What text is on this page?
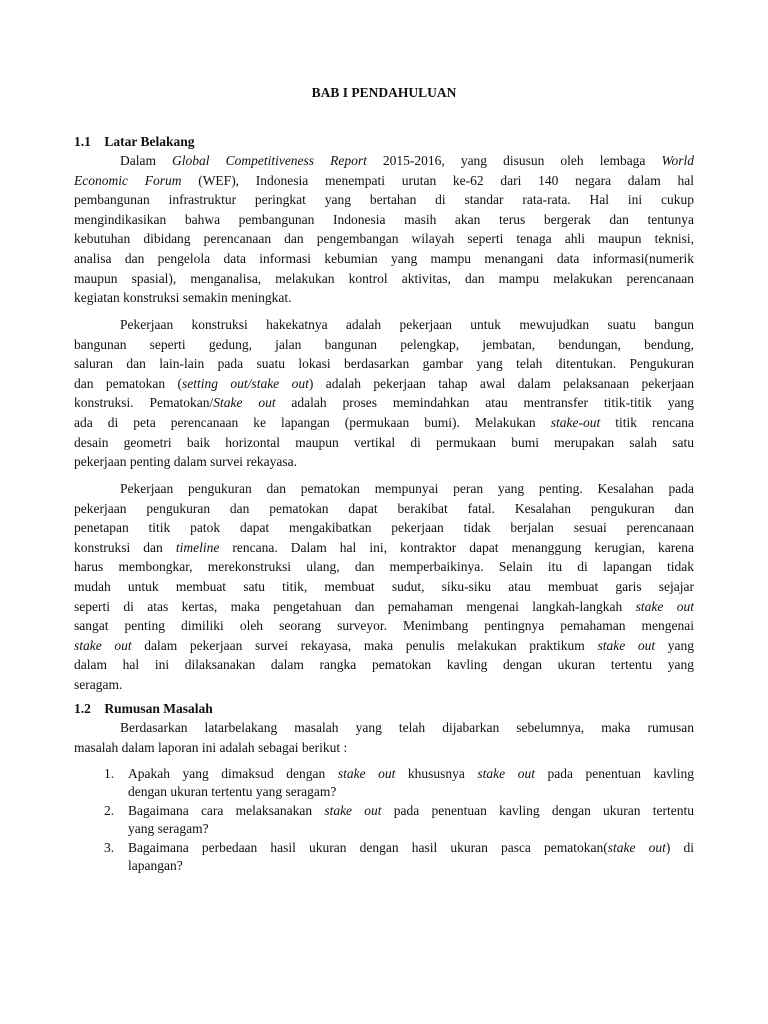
BAB I PENDAHULUAN
1.1 Latar Belakang
Dalam Global Competitiveness Report 2015-2016, yang disusun oleh lembaga World
Economic Forum (WEF), Indonesia menempati urutan ke-62 dari 140 negara dalam hal
pembangunan infrastruktur peringkat yang bertahan di standar rata-rata. Hal ini cukup
mengindikasikan bahwa pembangunan Indonesia masih akan terus bergerak dan tentunya
kebutuhan dibidang perencanaan dan pengembangan wilayah seperti tenaga ahli maupun teknisi,
analisa dan pengelola data informasi kebumian yang mampu menangani data informasi(numerik
maupun spasial), menganalisa, melakukan kontrol aktivitas, dan mampu melakukan perencanaan
kegiatan konstruksi semakin meningkat.
Pekerjaan konstruksi hakekatnya adalah pekerjaan untuk mewujudkan suatu bangun
bangunan seperti gedung, jalan bangunan pelengkap, jembatan, bendungan, bendung,
saluran dan lain-lain pada suatu lokasi berdasarkan gambar yang telah ditentukan. Pengukuran
dan pematokan (setting out/stake out) adalah pekerjaan tahap awal dalam pelaksanaan pekerjaan
konstruksi. Pematokan/Stake out adalah proses memindahkan atau mentransfer titik-titik yang
ada di peta perencanaan ke lapangan (permukaan bumi). Melakukan stake-out titik rencana
desain geometri baik horizontal maupun vertikal di permukaan bumi merupakan salah satu
pekerjaan penting dalam survei rekayasa.
Pekerjaan pengukuran dan pematokan mempunyai peran yang penting. Kesalahan pada
pekerjaan pengukuran dan pematokan dapat berakibat fatal. Kesalahan pengukuran dan
penetapan titik patok dapat mengakibatkan pekerjaan tidak berjalan sesuai perencanaan
konstruksi dan timeline rencana. Dalam hal ini, kontraktor dapat menanggung kerugian, karena
harus membongkar, merekonstruksi ulang, dan memperbaikinya. Selain itu di lapangan tidak
mudah untuk membuat satu titik, membuat sudut, siku-siku atau membuat garis sejajar
seperti di atas kertas, maka pengetahuan dan pemahaman mengenai langkah-langkah stake out
sangat penting dimiliki oleh seorang surveyor. Menimbang pentingnya pemahaman mengenai
stake out dalam pekerjaan survei rekayasa, maka penulis melakukan praktikum stake out yang
dalam hal ini dilaksanakan dalam rangka pematokan kavling dengan ukuran tertentu yang
seragam.
1.2 Rumusan Masalah
Berdasarkan latarbelakang masalah yang telah dijabarkan sebelumnya, maka rumusan
masalah dalam laporan ini adalah sebagai berikut :
1. Apakah yang dimaksud dengan stake out khususnya stake out pada penentuan kavling
dengan ukuran tertentu yang seragam?
2. Bagaimana cara melaksanakan stake out pada penentuan kavling dengan ukuran tertentu
yang seragam?
3. Bagaimana perbedaan hasil ukuran dengan hasil ukuran pasca pematokan(stake out) di
lapangan?
